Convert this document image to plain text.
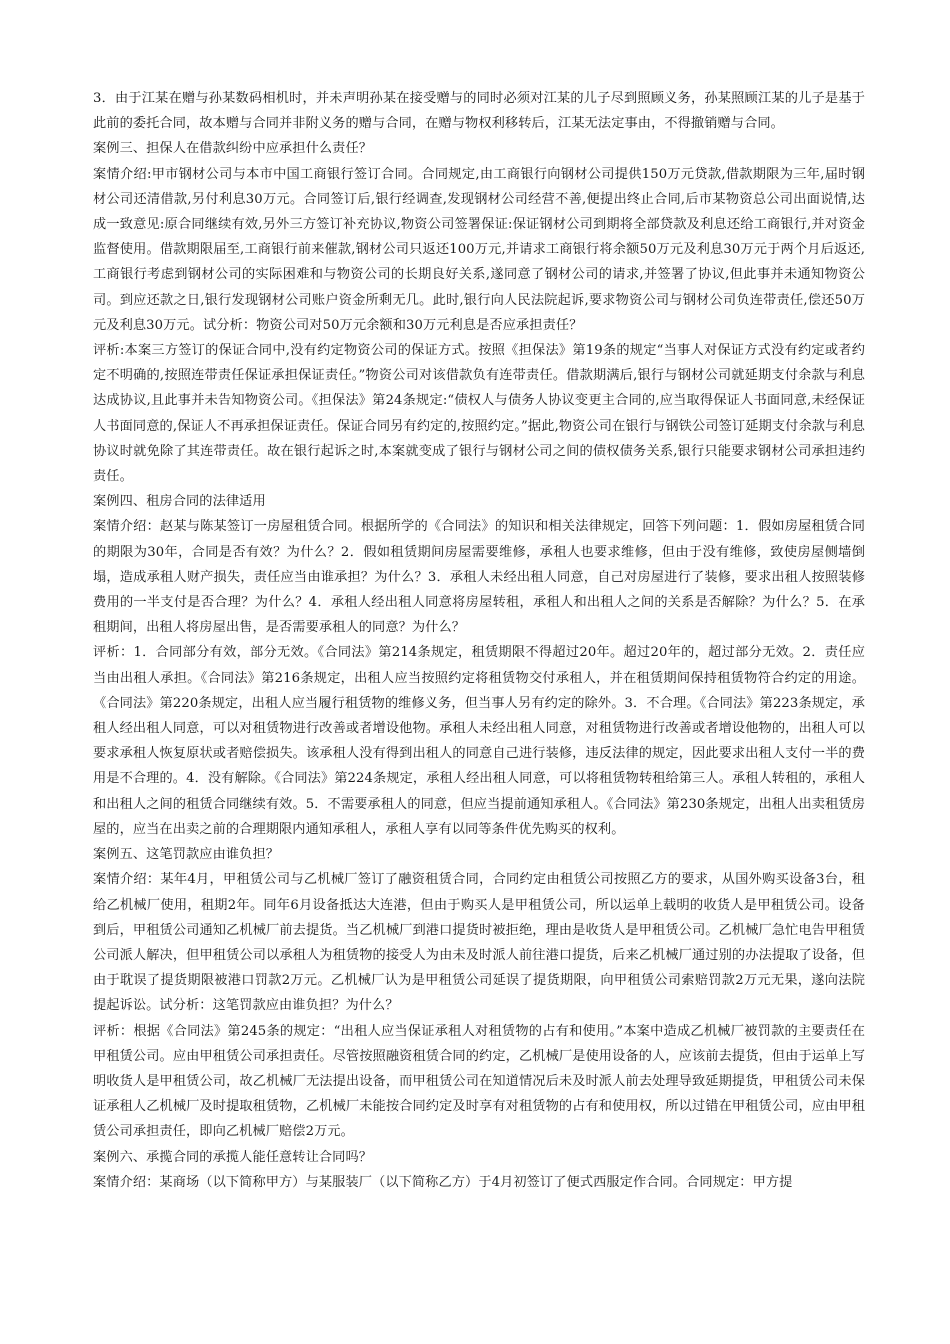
3．由于江某在赠与孙某数码相机时，并未声明孙某在接受赠与的同时必须对江某的儿子尽到照顾义务，孙某照顾江某的儿子是基于此前的委托合同，故本赠与合同并非附义务的赠与合同，在赠与物权利移转后，江某无法定事由，不得撤销赠与合同。

案例三、担保人在借款纠纷中应承担什么责任？

案情介绍:甲市钢材公司与本市中国工商银行签订合同。合同规定,由工商银行向钢材公司提供150万元贷款,借款期限为三年,届时钢材公司还清借款,另付利息30万元。合同签订后,银行经调查,发现钢材公司经营不善,便提出终止合同,后市某物资总公司出面说情,达成一致意见:原合同继续有效,另外三方签订补充协议,物资公司签署保证:保证钢材公司到期将全部贷款及利息还给工商银行,并对资金监督使用。借款期限届至,工商银行前来催款,钢材公司只返还100万元,并请求工商银行将余额50万元及利息30万元于两个月后返还,工商银行考虑到钢材公司的实际困难和与物资公司的长期良好关系,遂同意了钢材公司的请求,并签署了协议,但此事并未通知物资公司。到应还款之日,银行发现钢材公司账户资金所剩无几。此时,银行向人民法院起诉,要求物资公司与钢材公司负连带责任,偿还50万元及利息30万元。试分析：物资公司对50万元余额和30万元利息是否应承担责任？

评析:本案三方签订的保证合同中,没有约定物资公司的保证方式。按照《担保法》第19条的规定“当事人对保证方式没有约定或者约定不明确的,按照连带责任保证承担保证责任。”物资公司对该借款负有连带责任。借款期满后,银行与钢材公司就延期支付余款与利息达成协议,且此事并未告知物资公司。《担保法》第24条规定:“债权人与债务人协议变更主合同的,应当取得保证人书面同意,未经保证人书面同意的,保证人不再承担保证责任。保证合同另有约定的,按照约定。”据此,物资公司在银行与钢铁公司签订延期支付余款与利息协议时就免除了其连带责任。故在银行起诉之时,本案就变成了银行与钢材公司之间的债权债务关系,银行只能要求钢材公司承担违约责任。

案例四、租房合同的法律适用

案情介绍：赵某与陈某签订一房屋租赁合同。根据所学的《合同法》的知识和相关法律规定，回答下列问题：1．假如房屋租赁合同的期限为30年，合同是否有效？为什么？2．假如租赁期间房屋需要维修，承租人也要求维修，但由于没有维修，致使房屋侧墙倒塌，造成承租人财产损失，责任应当由谁承担？为什么？3．承租人未经出租人同意，自己对房屋进行了装修，要求出租人按照装修费用的一半支付是否合理？为什么？4．承租人经出租人同意将房屋转租，承租人和出租人之间的关系是否解除？为什么？5．在承租期间，出租人将房屋出售，是否需要承租人的同意？为什么？

评析：1．合同部分有效，部分无效。《合同法》第214条规定，租赁期限不得超过20年。超过20年的，超过部分无效。2．责任应当由出租人承担。《合同法》第216条规定，出租人应当按照约定将租赁物交付承租人，并在租赁期间保持租赁物符合约定的用途。《合同法》第220条规定，出租人应当履行租赁物的维修义务，但当事人另有约定的除外。3．不合理。《合同法》第223条规定，承租人经出租人同意，可以对租赁物进行改善或者增设他物。承租人未经出租人同意，对租赁物进行改善或者增设他物的，出租人可以要求承租人恢复原状或者赔偿损失。该承租人没有得到出租人的同意自己进行装修，违反法律的规定，因此要求出租人支付一半的费用是不合理的。4．没有解除。《合同法》第224条规定，承租人经出租人同意，可以将租赁物转租给第三人。承租人转租的，承租人和出租人之间的租赁合同继续有效。5．不需要承租人的同意，但应当提前通知承租人。《合同法》第230条规定，出租人出卖租赁房屋的，应当在出卖之前的合理期限内通知承租人，承租人享有以同等条件优先购买的权利。

案例五、这笔罚款应由谁负担？

案情介绍：某年4月，甲租赁公司与乙机械厂签订了融资租赁合同，合同约定由租赁公司按照乙方的要求，从国外购买设备3台，租给乙机械厂使用，租期2年。同年6月设备抵达大连港，但由于购买人是甲租赁公司，所以运单上载明的收货人是甲租赁公司。设备到后，甲租赁公司通知乙机械厂前去提货。当乙机械厂到港口提货时被拒绝，理由是收货人是甲租赁公司。乙机械厂急忙电告甲租赁公司派人解决，但甲租赁公司以承租人为租赁物的接受人为由未及时派人前往港口提货，后来乙机械厂通过别的办法提取了设备，但由于耽误了提货期限被港口罚款2万元。乙机械厂认为是甲租赁公司延误了提货期限，向甲租赁公司索赔罚款2万元无果，遂向法院提起诉讼。试分析：这笔罚款应由谁负担？为什么？

评析：根据《合同法》第245条的规定：“出租人应当保证承租人对租赁物的占有和使用。”本案中造成乙机械厂被罚款的主要责任在甲租赁公司。应由甲租赁公司承担责任。尽管按照融资租赁合同的约定，乙机械厂是使用设备的人，应该前去提货，但由于运单上写明收货人是甲租赁公司，故乙机械厂无法提出设备，而甲租赁公司在知道情况后未及时派人前去处理导致延期提货，甲租赁公司未保证承租人乙机械厂及时提取租赁物，乙机械厂未能按合同约定及时享有对租赁物的占有和使用权，所以过错在甲租赁公司，应由甲租赁公司承担责任，即向乙机械厂赔偿2万元。

案例六、承揽合同的承揽人能任意转让合同吗？

案情介绍：某商场（以下简称甲方）与某服装厂（以下简称乙方）于4月初签订了便式西服定作合同。合同规定：甲方提
